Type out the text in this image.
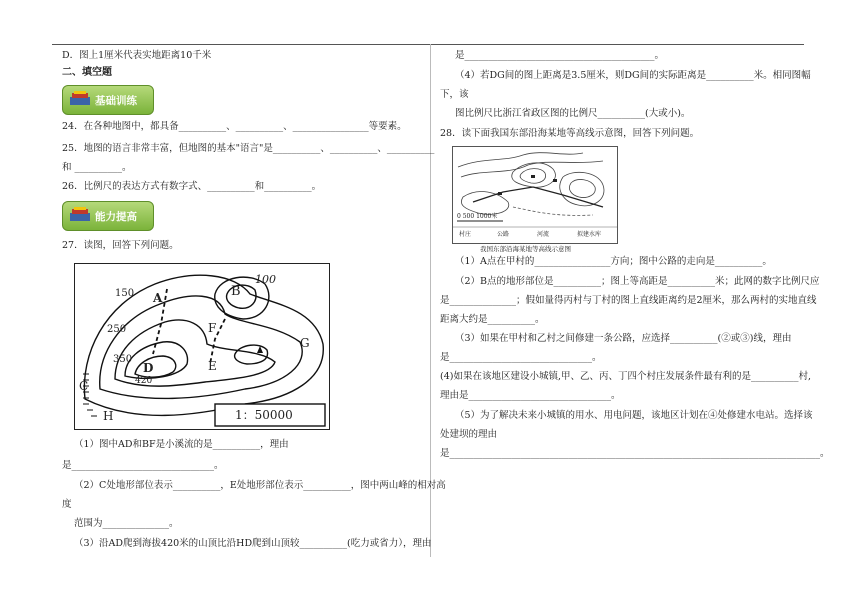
D．图上1厘米代表实地距离10千米
二、填空题
基础训练
24．在各种地图中，都具备__________、__________、________________等要素。
25．地图的语言非常丰富，但地图的基本"语言"是__________、__________、__________
和 __________。
26．比例尺的表达方式有数字式、__________和__________。
能力提高
27．读图，回答下列问题。
150
250
350
100
A	B
F
E
D
G
C
H
420
1：50000
（1）图中AD和BF是小溪流的是__________，理由
是______________________________。
（2）C处地形部位表示__________，E处地形部位表示__________，图中两山峰的相对高
度
范围为______________。
（3）沿AD爬到海拔420米的山顶比沿HD爬到山顶较__________(吃力或省力），理由
是________________________________________。
（4）若DG间的图上距离是3.5厘米，则DG间的实际距离是__________米。相同图幅
下，该
图比例尺比浙江省政区图的比例尺__________(大或小)。
28．读下面我国东部沿海某地等高线示意图，回答下列问题。
0 500 1000米
村庄	公路	河流	拟建水库
我国东部沿海某地等高线示意图
（1）A点在甲村的________________方向；图中公路的走向是__________。
（2）B点的地形部位是__________；图上等高距是__________米；此网的数字比例尺应
是______________；假如量得丙村与丁村的图上直线距离约是2厘米，那么两村的实地直线
距离大约是__________。
（3）如果在甲村和乙村之间修建一条公路，应选择__________(②或③)线，理由
是______________________________。
(4)如果在该地区建设小城镇,甲、乙、丙、丁四个村庄发展条件最有利的是__________村,
理由是______________________________。
（5）为了解决未来小城镇的用水、用电问题，该地区计划在④处修建水电站。选择该
处建坝的理由
是______________________________________________________________________________。
